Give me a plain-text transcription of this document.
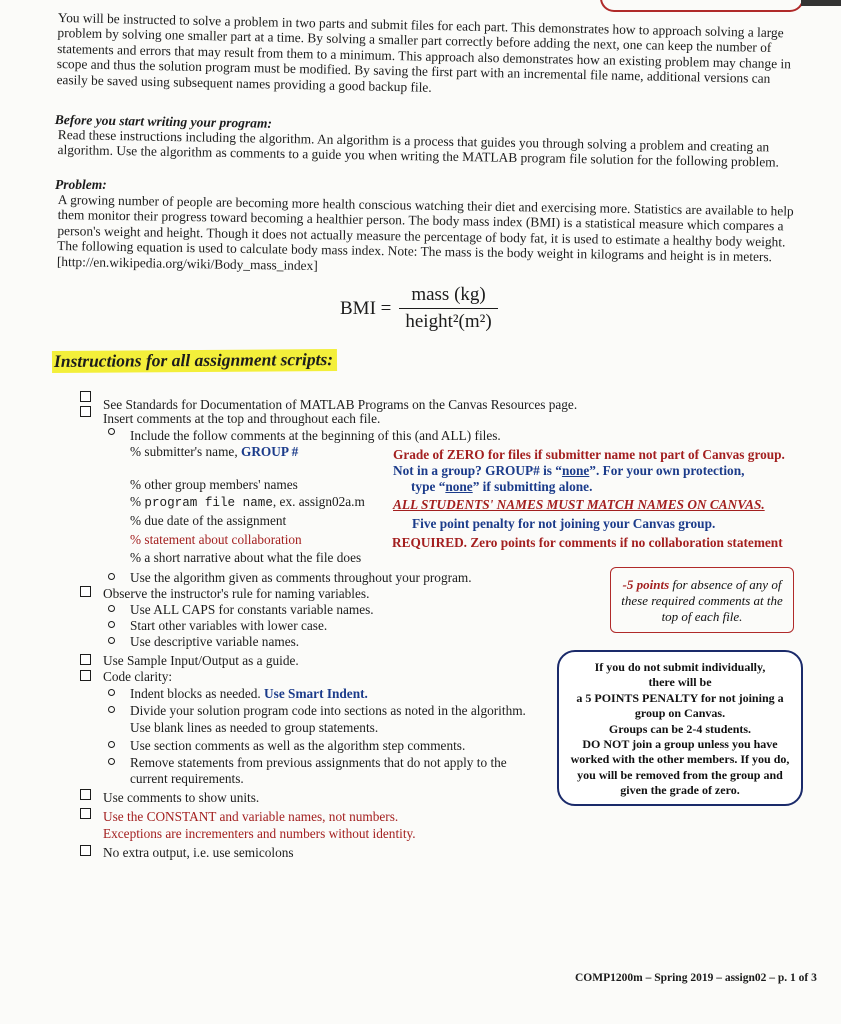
You will be instructed to solve a problem in two parts and submit files for each part. This demonstrates how to approach solving a large problem by solving one smaller part at a time. By solving a smaller part correctly before adding the next, one can keep the number of statements and errors that may result from them to a minimum. This approach also demonstrates how an existing problem may change in scope and thus the solution program must be modified. By saving the first part with an incremental file name, additional versions can easily be saved using subsequent names providing a good backup file.

Before you start writing your program:

Read these instructions including the algorithm. An algorithm is a process that guides you through solving a problem and creating an algorithm. Use the algorithm as comments to a guide you when writing the MATLAB program file solution for the following problem.

Problem:

A growing number of people are becoming more health conscious watching their diet and exercising more. Statistics are available to help them monitor their progress toward becoming a healthier person. The body mass index (BMI) is a statistical measure which compares a person's weight and height. Though it does not actually measure the percentage of body fat, it is used to estimate a healthy body weight. The following equation is used to calculate body mass index. Note: The mass is the body weight in kilograms and height is in meters. [http://en.wikipedia.org/wiki/Body_mass_index]

BMI = $\frac{\text{mass (kg)}}{\text{height²(m²)}}$
Instructions for all assignment scripts:
See Standards for Documentation of MATLAB Programs on the Canvas Resources page.
Insert comments at the top and throughout each file.
Include the follow comments at the beginning of this (and ALL) files.
% submitter's name, GROUP #
% other group members' names
% program file name, ex. assign02a.m
% due date of the assignment
% statement about collaboration
% a short narrative about what the file does
Grade of ZERO for files if submitter name not part of Canvas group.
Not in a group? GROUP# is “none”. For your own protection,
type “none” if submitting alone.
ALL STUDENTS' NAMES MUST MATCH NAMES ON CANVAS.
Five point penalty for not joining your Canvas group.
REQUIRED. Zero points for comments if no collaboration statement
Use the algorithm given as comments throughout your program.
Observe the instructor's rule for naming variables.
Use ALL CAPS for constants variable names.
Start other variables with lower case.
Use descriptive variable names.
Use Sample Input/Output as a guide.
Code clarity:
Indent blocks as needed. Use Smart Indent.
Divide your solution program code into sections as noted in the algorithm.
Use blank lines as needed to group statements.
Use section comments as well as the algorithm step comments.
Remove statements from previous assignments that do not apply to the
current requirements.
Use comments to show units.
Use the CONSTANT and variable names, not numbers.
Exceptions are incrementers and numbers without identity.
No extra output, i.e. use semicolons

-5 points for absence of any of these required comments at the top of each file.

If you do not submit individually,
there will be
a 5 POINTS PENALTY for not joining a
group on Canvas.
Groups can be 2-4 students.
DO NOT join a group unless you have
worked with the other members. If you do,
you will be removed from the group and
given the grade of zero.
COMP1200m – Spring 2019 – assign02 – p. 1 of 3
